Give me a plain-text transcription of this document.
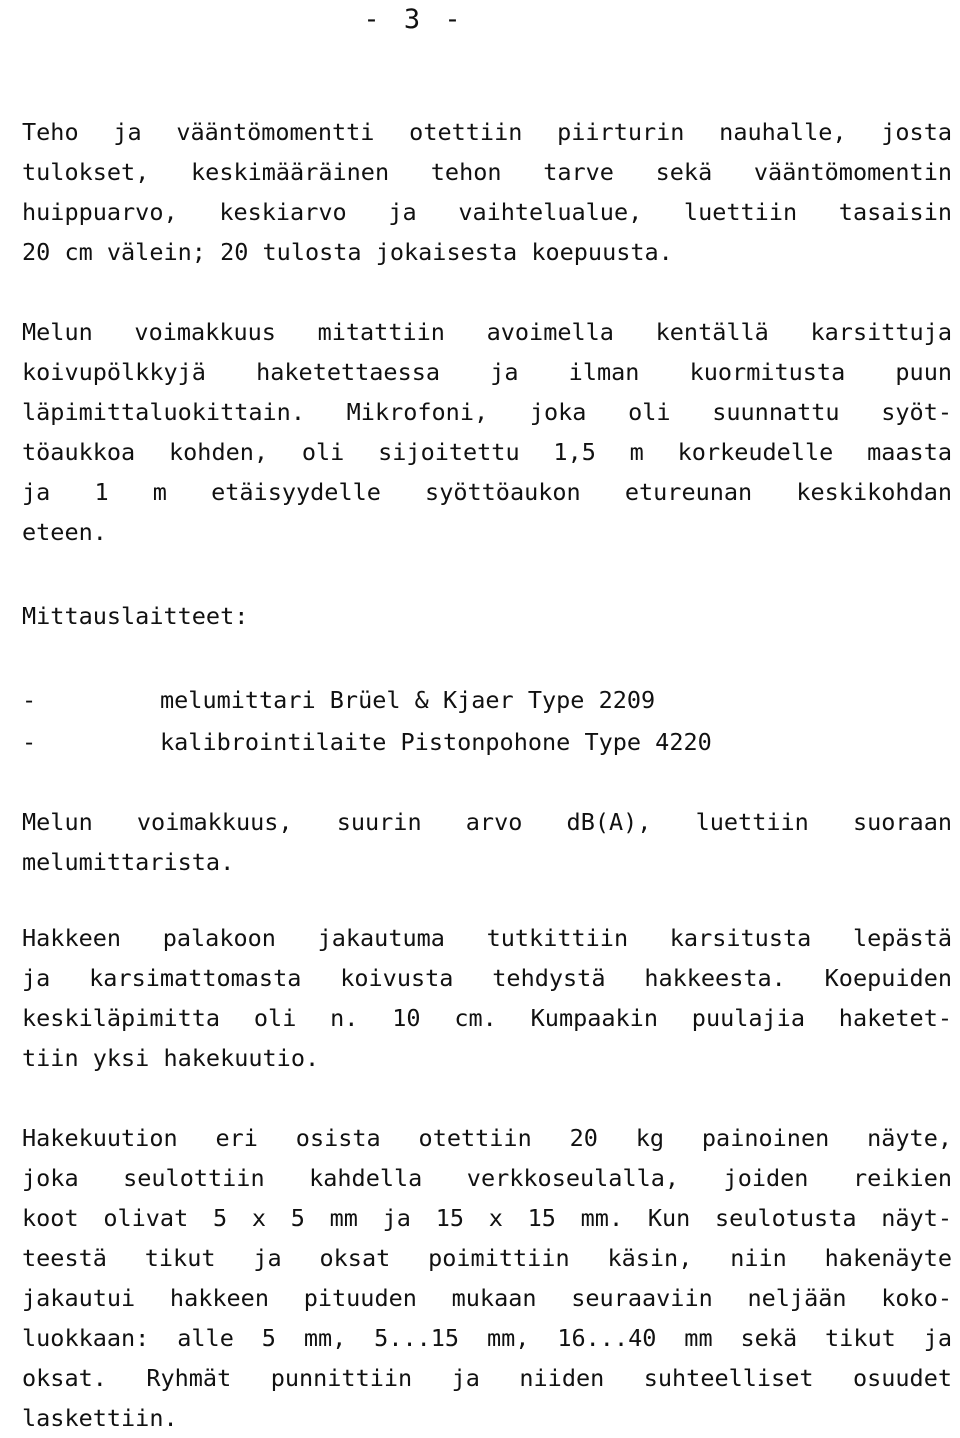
- 3 -
Teho ja vääntömomentti otettiin piirturin nauhalle, josta
tulokset, keskimääräinen tehon tarve sekä vääntömomentin
huippuarvo, keskiarvo ja vaihtelualue, luettiin tasaisin
20 cm välein; 20 tulosta jokaisesta koepuusta.
Melun voimakkuus mitattiin avoimella kentällä karsittuja
koivupölkkyjä haketettaessa ja ilman kuormitusta puun
läpimittaluokittain. Mikrofoni, joka oli suunnattu syöt-
töaukkoa kohden, oli sijoitettu 1,5 m korkeudelle maasta
ja 1 m etäisyydelle syöttöaukon etureunan keskikohdan
eteen.
Mittauslaitteet:
-	melumittari Brüel & Kjaer Type 2209
-	kalibrointilaite Pistonpohone Type 4220
Melun voimakkuus, suurin arvo dB(A), luettiin suoraan
melumittarista.
Hakkeen palakoon jakautuma tutkittiin karsitusta lepästä
ja karsimattomasta koivusta tehdystä hakkeesta. Koepuiden
keskiläpimitta oli n. 10 cm. Kumpaakin puulajia haketet-
tiin yksi hakekuutio.
Hakekuution eri osista otettiin 20 kg painoinen näyte,
joka seulottiin kahdella verkkoseulalla, joiden reikien
koot olivat 5 x 5 mm ja 15 x 15 mm. Kun seulotusta näyt-
teestä tikut ja oksat poimittiin käsin, niin hakenäyte
jakautui hakkeen pituuden mukaan seuraaviin neljään koko-
luokkaan: alle 5 mm, 5...15 mm, 16...40 mm sekä tikut ja
oksat. Ryhmät punnittiin ja niiden suhteelliset osuudet
laskettiin.
